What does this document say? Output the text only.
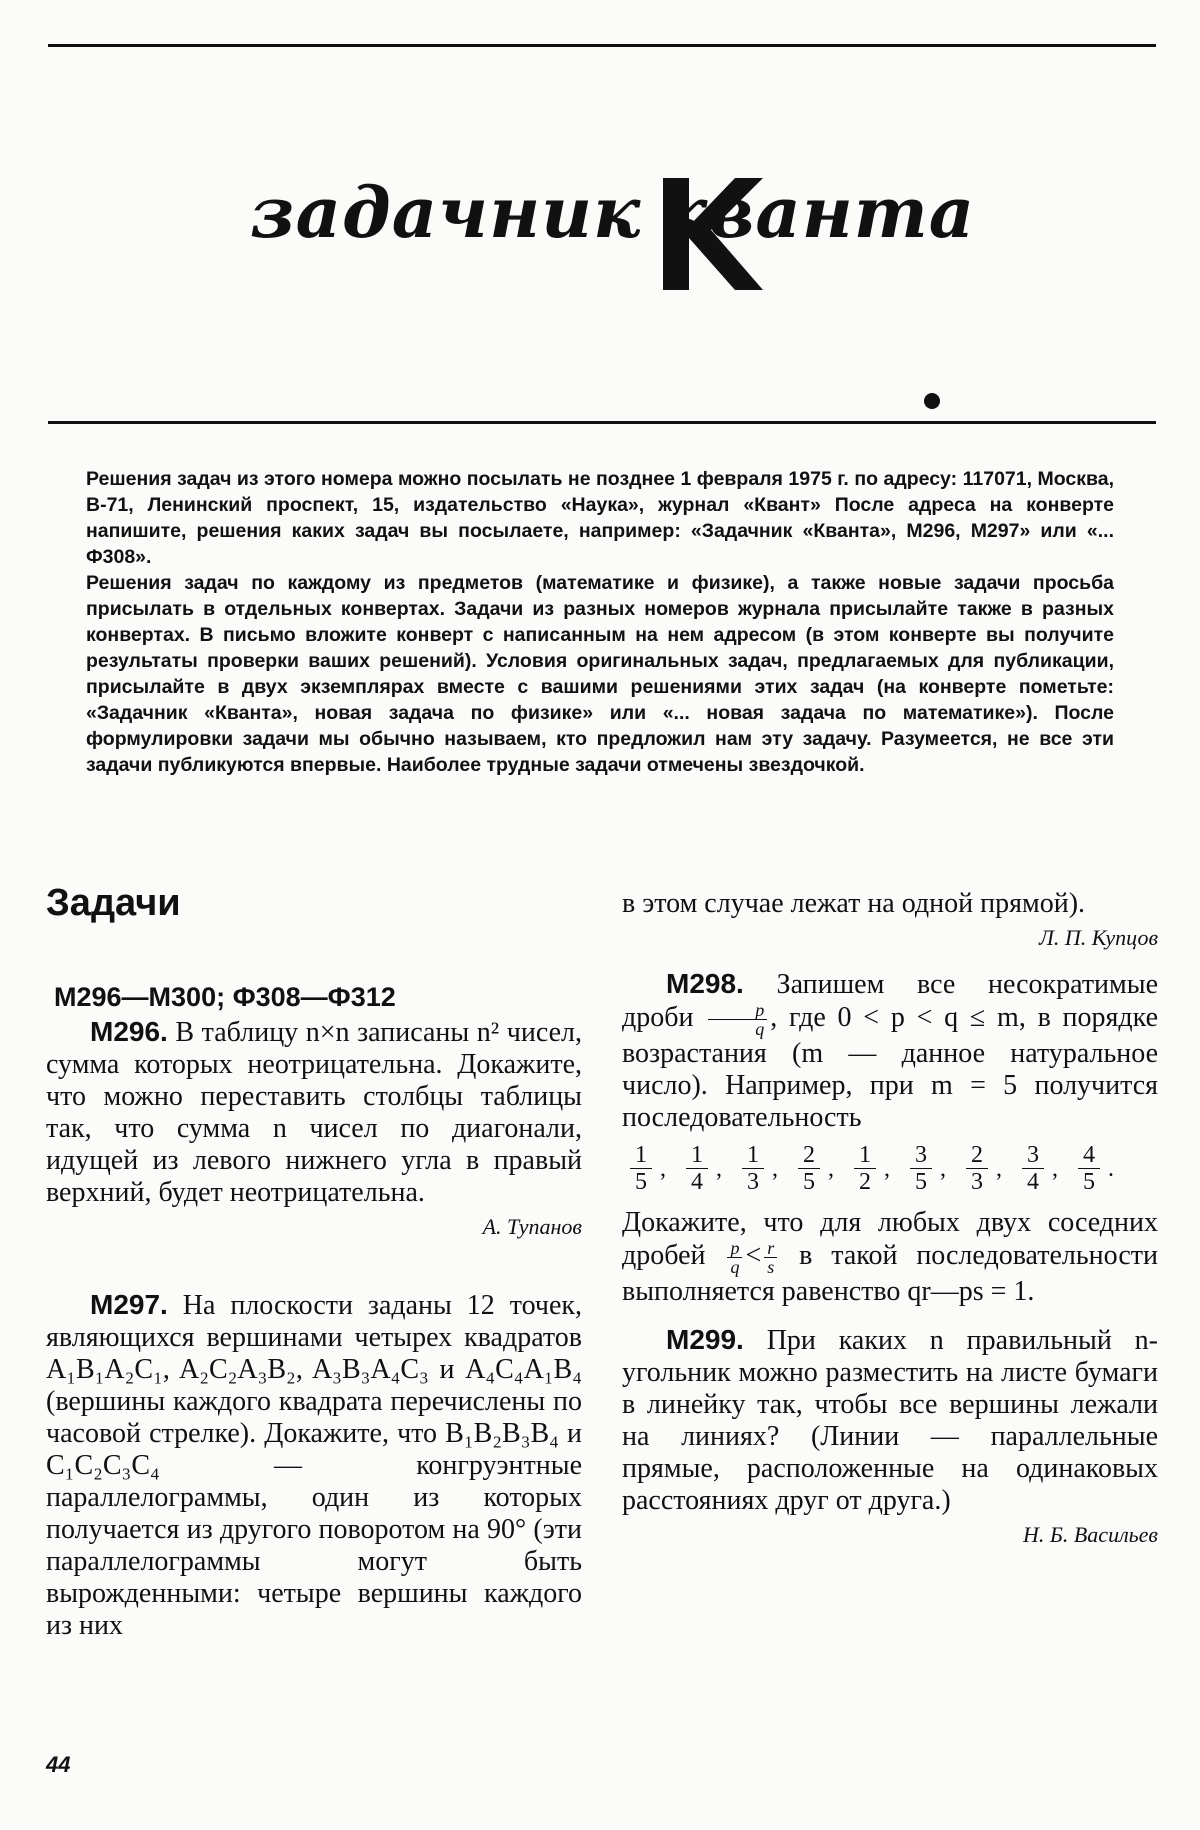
задачник кванта

Решения задач из этого номера можно посылать не позднее 1 февраля 1975 г. по адресу: 117071, Москва, В-71, Ленинский проспект, 15, издательство «Наука», журнал «Квант» После адреса на конверте напишите, решения каких задач вы посылаете, например: «Задачник «Кванта», М296, М297» или «... Ф308».

Решения задач по каждому из предметов (математике и физике), а также новые задачи просьба присылать в отдельных конвертах. Задачи из разных номеров журнала присылайте также в разных конвертах. В письмо вложите конверт с написанным на нем адресом (в этом конверте вы получите результаты проверки ваших решений). Условия оригинальных задач, предлагаемых для публикации, присылайте в двух экземплярах вместе с вашими решениями этих задач (на конверте пометьте: «Задачник «Кванта», новая задача по физике» или «... новая задача по математике»). После формулировки задачи мы обычно называем, кто предложил нам эту задачу. Разумеется, не все эти задачи публикуются впервые. Наиболее трудные задачи отмечены звездочкой.

Задачи
М296—М300; Ф308—Ф312

М296. В таблицу n×n записаны n² чисел, сумма которых неотрицательна. Докажите, что можно переставить столбцы таблицы так, что сумма n чисел по диагонали, идущей из левого нижнего угла в правый верхний, будет неотрицательна.

А. Тупанов

М297. На плоскости заданы 12 точек, являющихся вершинами четырех квадратов A₁B₁A₂C₁, A₂C₂A₃B₂, A₃B₃A₄C₃ и A₄C₄A₁B₄ (вершины каждого квадрата перечислены по часовой стрелке). Докажите, что B₁B₂B₃B₄ и C₁C₂C₃C₄ — конгруэнтные параллелограммы, один из которых получается из другого поворотом на 90° (эти параллелограммы могут быть вырожденными: четыре вершины каждого из них

в этом случае лежат на одной прямой).

Л. П. Купцов

М298. Запишем все несократимые дроби $\frac{p}{q}$ , где 0 < p < q ≤ m, в порядке возрастания (m — данное натуральное число). Например, при m = 5 получится последовательность

$\frac{1}{5}$ , $\frac{1}{4}$ , $\frac{1}{3}$ , $\frac{2}{5}$ , $\frac{1}{2}$ , $\frac{3}{5}$ , $\frac{2}{3}$ , $\frac{3}{4}$ , $\frac{4}{5}$ .

Докажите, что для любых двух соседних дробей $\frac{p}{q} < \frac{r}{s}$ в такой последовательности выполняется равенство qr—ps = 1.

М299. При каких n правильный n-угольник можно разместить на листе бумаги в линейку так, чтобы все вершины лежали на линиях? (Линии — параллельные прямые, расположенные на одинаковых расстояниях друг от друга.)

Н. Б. Васильев

44
